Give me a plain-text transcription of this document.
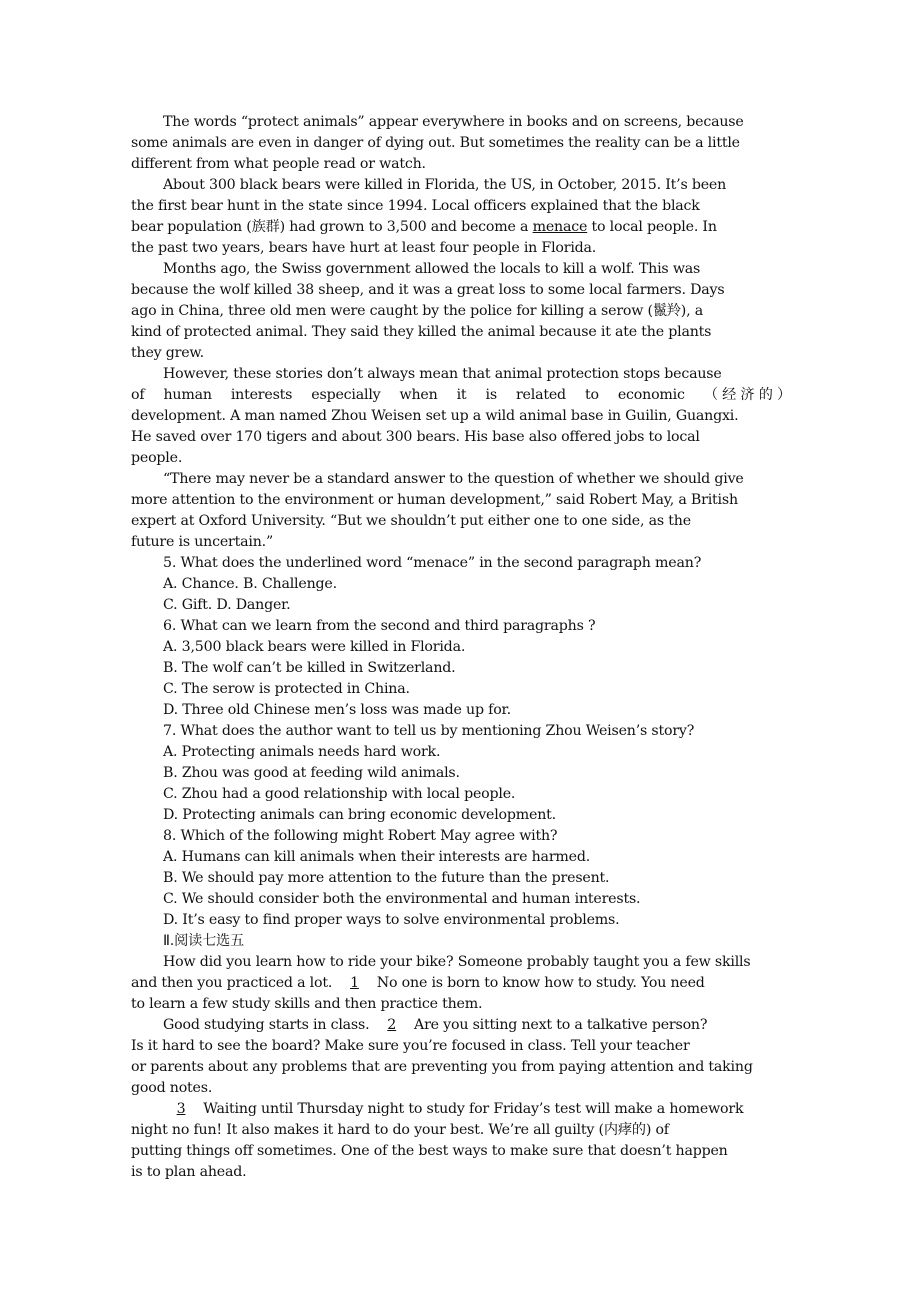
The words “protect animals” appear everywhere in books and on screens, because
some animals are even in danger of dying out. But sometimes the reality can be a little
different from what people read or watch.
About 300 black bears were killed in Florida, the US, in October, 2015. It’s been
the first bear hunt in the state since 1994. Local officers explained that the black
bear population (族群) had grown to 3,500 and become a menace to local people. In
the past two years, bears have hurt at least four people in Florida.
Months ago, the Swiss government allowed the locals to kill a wolf. This was
because the wolf killed 38 sheep, and it was a great loss to some local farmers. Days
ago in China, three old men were caught by the police for killing a serow (鬣羚), a
kind of protected animal. They said they killed the animal because it ate the plants
they grew.
However, these stories don’t always mean that animal protection stops because
of human interests especially when it is related to economic （ 经 济 的 ）
development. A man named Zhou Weisen set up a wild animal base in Guilin, Guangxi.
He saved over 170 tigers and about 300 bears. His base also offered jobs to local
people.
“There may never be a standard answer to the question of whether we should give
more attention to the environment or human development,” said Robert May, a British
expert at Oxford University. “But we shouldn’t put either one to one side, as the
future is uncertain.”
5. What does the underlined word “menace” in the second paragraph mean?
A. Chance. B. Challenge.
C. Gift. D. Danger.
6. What can we learn from the second and third paragraphs ?
A. 3,500 black bears were killed in Florida.
B. The wolf can’t be killed in Switzerland.
C. The serow is protected in China.
D. Three old Chinese men’s loss was made up for.
7. What does the author want to tell us by mentioning Zhou Weisen’s story?
A. Protecting animals needs hard work.
B. Zhou was good at feeding wild animals.
C. Zhou had a good relationship with local people.
D. Protecting animals can bring economic development.
8. Which of the following might Robert May agree with?
A. Humans can kill animals when their interests are harmed.
B. We should pay more attention to the future than the present.
C. We should consider both the environmental and human interests.
D. It’s easy to find proper ways to solve environmental problems.
Ⅱ.阅读七选五
How did you learn how to ride your bike? Someone probably taught you a few skills
and then you practiced a lot. 1 No one is born to know how to study. You need
to learn a few study skills and then practice them.
Good studying starts in class. 2 Are you sitting next to a talkative person?
Is it hard to see the board? Make sure you’re focused in class. Tell your teacher
or parents about any problems that are preventing you from paying attention and taking
good notes.
3 Waiting until Thursday night to study for Friday’s test will make a homework
night no fun! It also makes it hard to do your best. We’re all guilty (内痚的) of
putting things off sometimes. One of the best ways to make sure that doesn’t happen
is to plan ahead.
